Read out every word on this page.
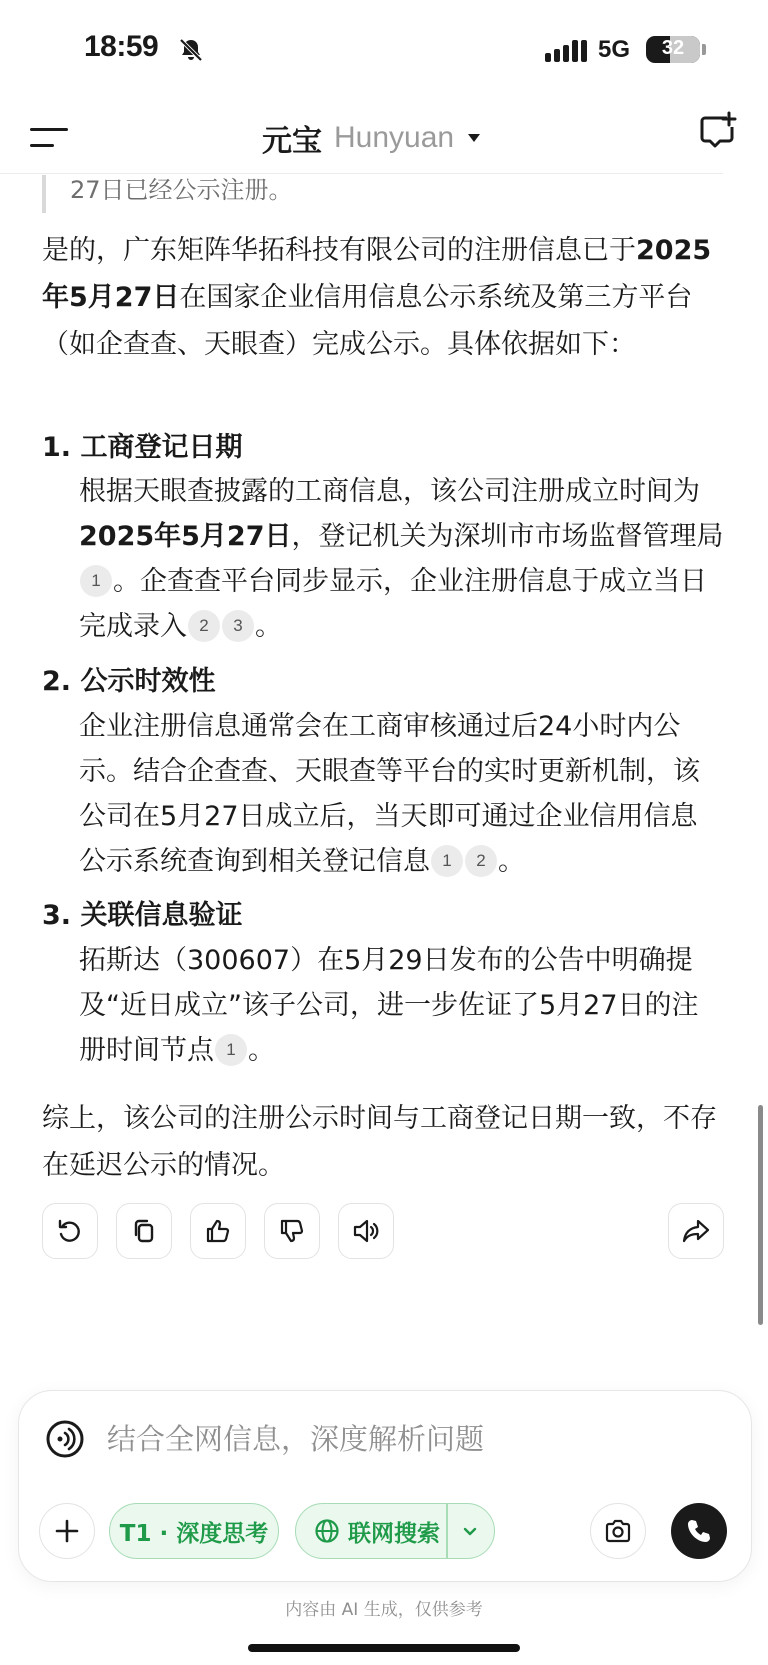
18:59	5G	32
元宝 Hunyuan
27日已经公示注册。
是的，广东矩阵华拓科技有限公司的注册信息已于2025年5月27日在国家企业信用信息公示系统及第三方平台（如企查查、天眼查）完成公示。具体依据如下：
1. 工商登记日期
根据天眼查披露的工商信息，该公司注册成立时间为2025年5月27日，登记机关为深圳市市场监督管理局1 。企查查平台同步显示，企业注册信息于成立当日完成录入 2 3 。
2. 公示时效性
企业注册信息通常会在工商审核通过后24小时内公示。结合企查查、天眼查等平台的实时更新机制，该公司在5月27日成立后，当天即可通过企业信用信息公示系统查询到相关登记信息 1 2 。
3. 关联信息验证
拓斯达（300607）在5月29日发布的公告中明确提及“近日成立”该子公司，进一步佐证了5月27日的注册时间节点 1 。
综上，该公司的注册公示时间与工商登记日期一致，不存在延迟公示的情况。
结合全网信息，深度解析问题
T1 · 深度思考	联网搜索
内容由 AI 生成，仅供参考
